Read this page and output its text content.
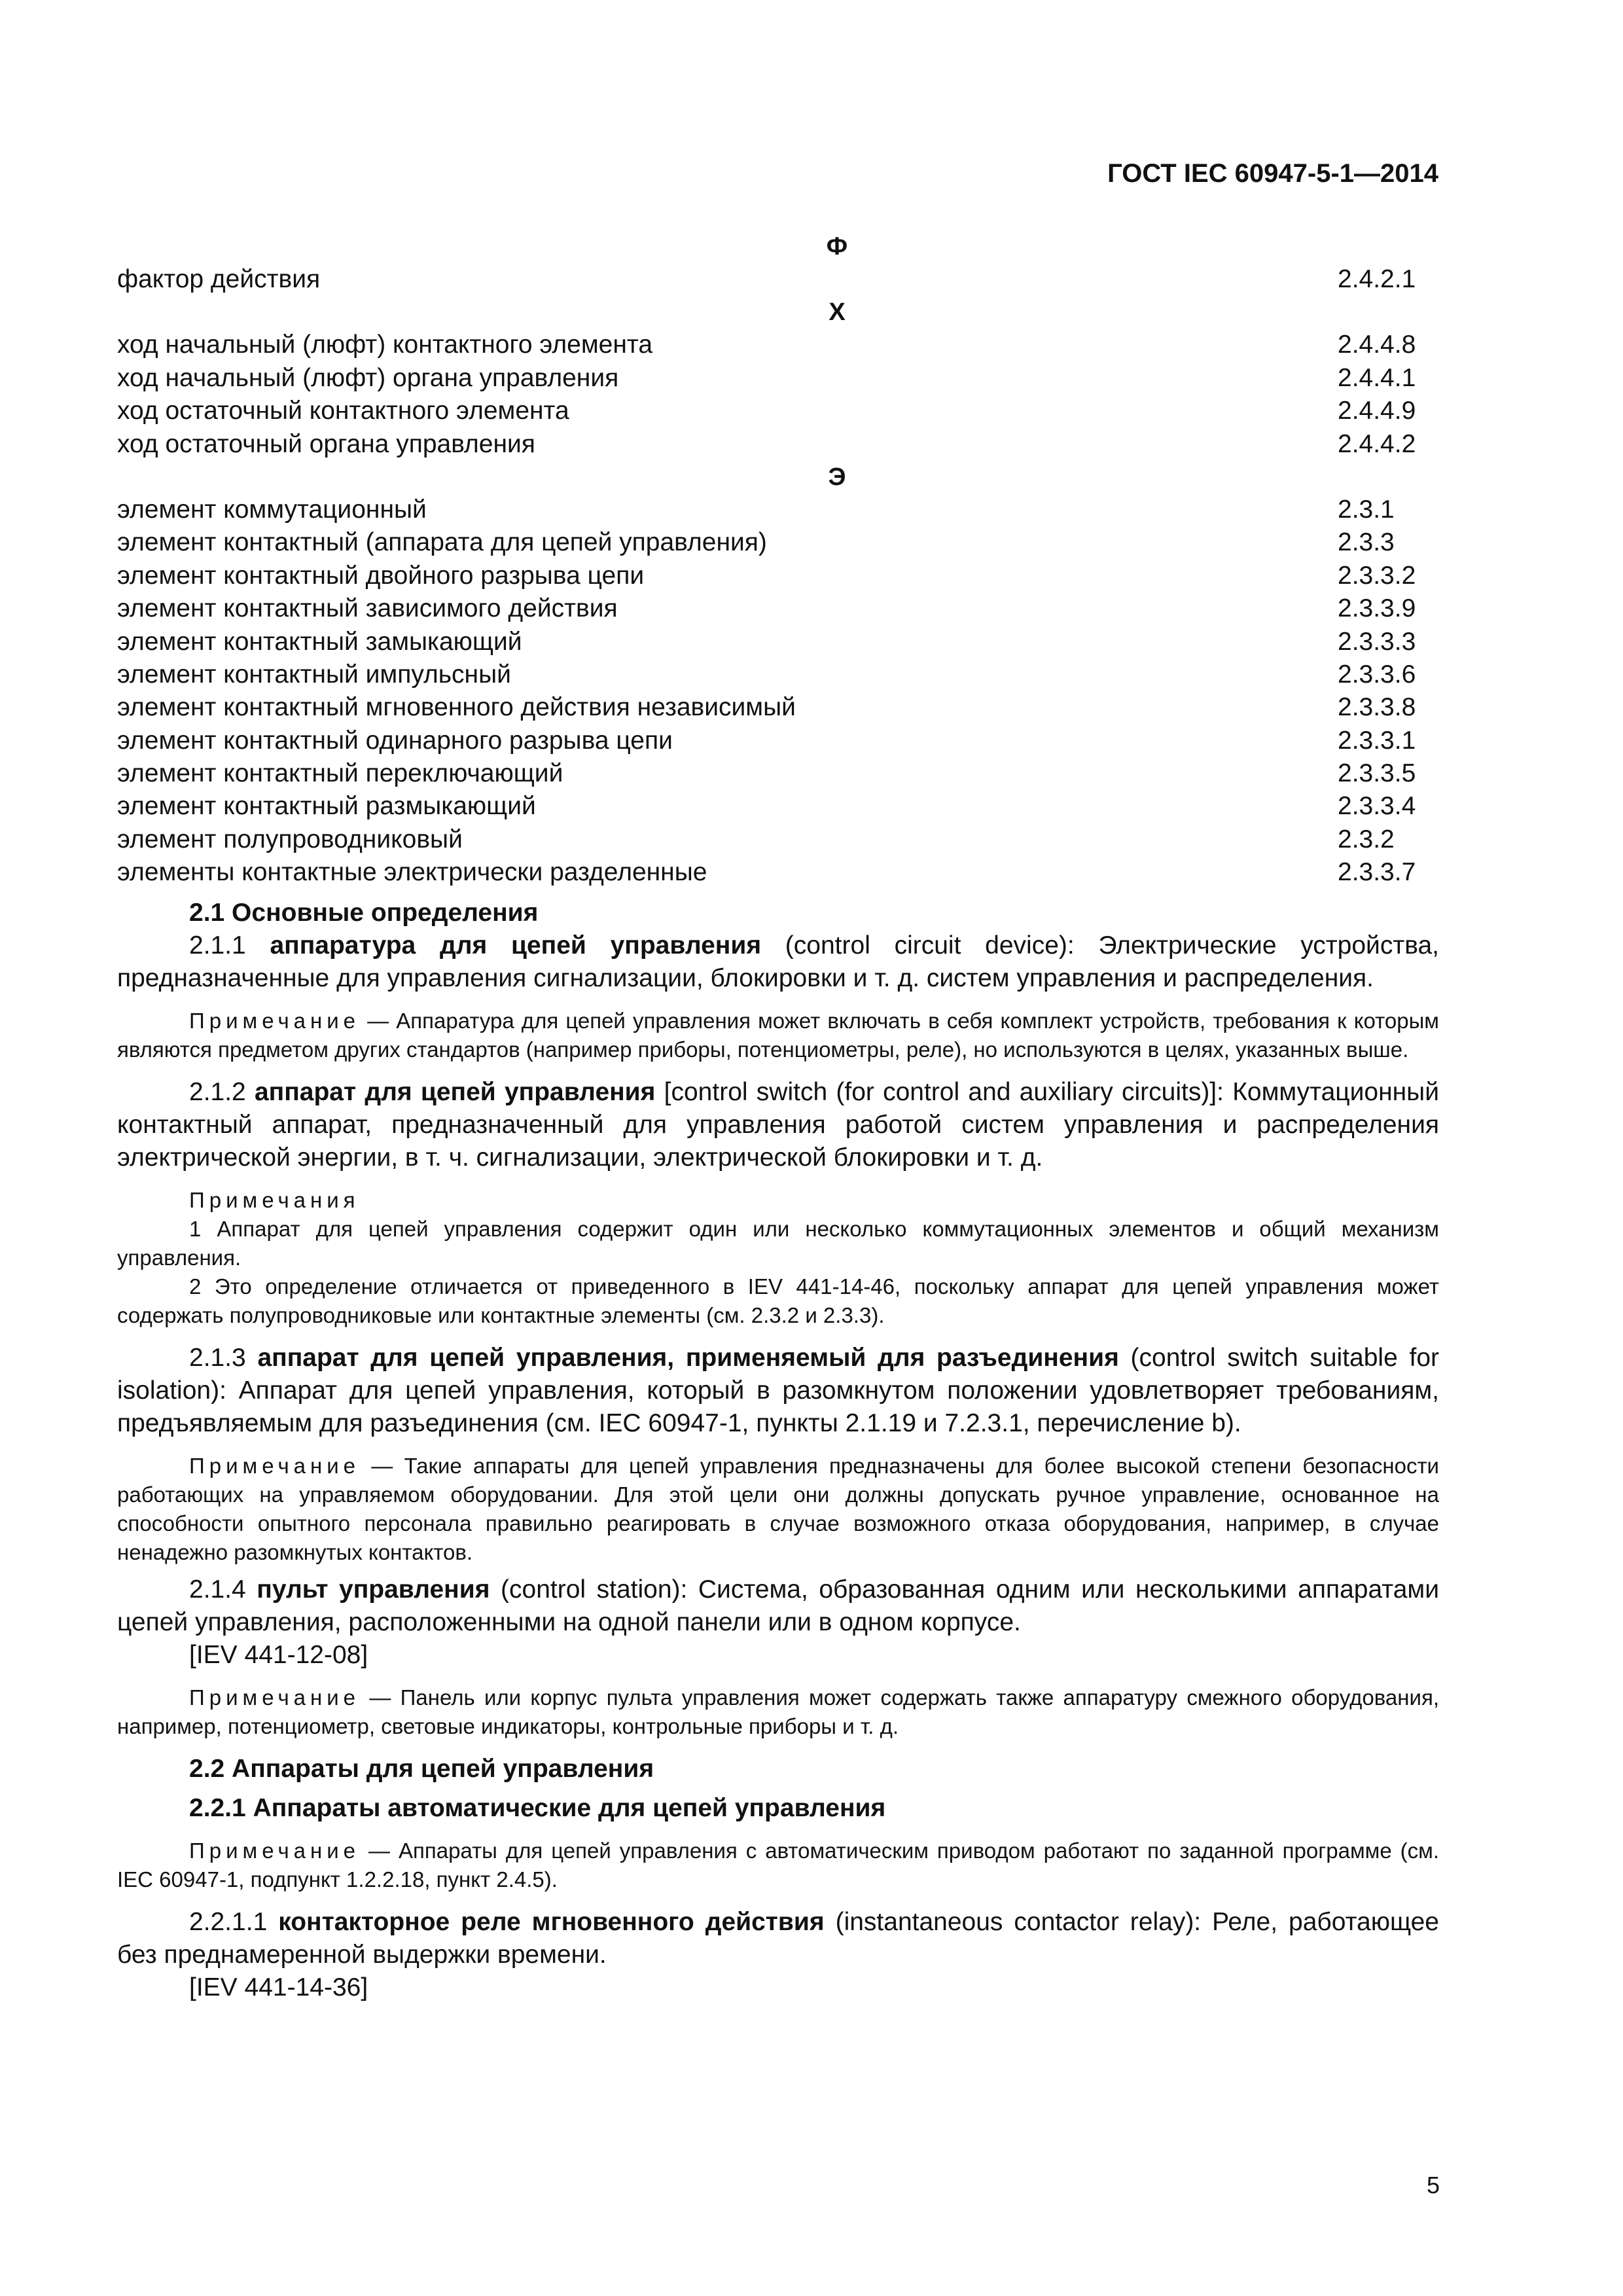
ГОСТ IEC 60947-5-1—2014
Ф
фактор действия	2.4.2.1
Х
ход начальный (люфт) контактного элемента	2.4.4.8
ход начальный (люфт) органа управления	2.4.4.1
ход остаточный контактного элемента	2.4.4.9
ход остаточный органа управления	2.4.4.2
Э
элемент коммутационный	2.3.1
элемент контактный (аппарата для цепей управления)	2.3.3
элемент контактный двойного разрыва цепи	2.3.3.2
элемент контактный зависимого действия	2.3.3.9
элемент контактный замыкающий	2.3.3.3
элемент контактный импульсный	2.3.3.6
элемент контактный мгновенного действия независимый	2.3.3.8
элемент контактный одинарного разрыва цепи	2.3.3.1
элемент контактный переключающий	2.3.3.5
элемент контактный размыкающий	2.3.3.4
элемент полупроводниковый	2.3.2
элементы контактные электрически разделенные	2.3.3.7

2.1 Основные определения

2.1.1 аппаратура для цепей управления (control circuit device): Электрические устройства, предназначенные для управления сигнализации, блокировки и т. д. систем управления и распределения.

Примечание — Аппаратура для цепей управления может включать в себя комплект устройств, требования к которым являются предметом других стандартов (например приборы, потенциометры, реле), но используются в целях, указанных выше.

2.1.2 аппарат для цепей управления [control switch (for control and auxiliary circuits)]: Коммутационный контактный аппарат, предназначенный для управления работой систем управления и распределения электрической энергии, в т. ч. сигнализации, электрической блокировки и т. д.

Примечания

1 Аппарат для цепей управления содержит один или несколько коммутационных элементов и общий механизм управления.

2 Это определение отличается от приведенного в IEV 441-14-46, поскольку аппарат для цепей управления может содержать полупроводниковые или контактные элементы (см. 2.3.2 и 2.3.3).

2.1.3 аппарат для цепей управления, применяемый для разъединения (control switch suitable for isolation): Аппарат для цепей управления, который в разомкнутом положении удовлетворяет требованиям, предъявляемым для разъединения (см. IEC 60947-1, пункты 2.1.19 и 7.2.3.1, перечисление b).

Примечание — Такие аппараты для цепей управления предназначены для более высокой степени безопасности работающих на управляемом оборудовании. Для этой цели они должны допускать ручное управление, основанное на способности опытного персонала правильно реагировать в случае возможного отказа оборудования, например, в случае ненадежно разомкнутых контактов.

2.1.4 пульт управления (control station): Система, образованная одним или несколькими аппаратами цепей управления, расположенными на одной панели или в одном корпусе.

[IEV 441-12-08]

Примечание — Панель или корпус пульта управления может содержать также аппаратуру смежного оборудования, например, потенциометр, световые индикаторы, контрольные приборы и т. д.

2.2 Аппараты для цепей управления

2.2.1 Аппараты автоматические для цепей управления

Примечание — Аппараты для цепей управления с автоматическим приводом работают по заданной программе (см. IEC 60947-1, подпункт 1.2.2.18, пункт 2.4.5).

2.2.1.1 контакторное реле мгновенного действия (instantaneous contactor relay): Реле, работающее без преднамеренной выдержки времени.

[IEV 441-14-36]

5
